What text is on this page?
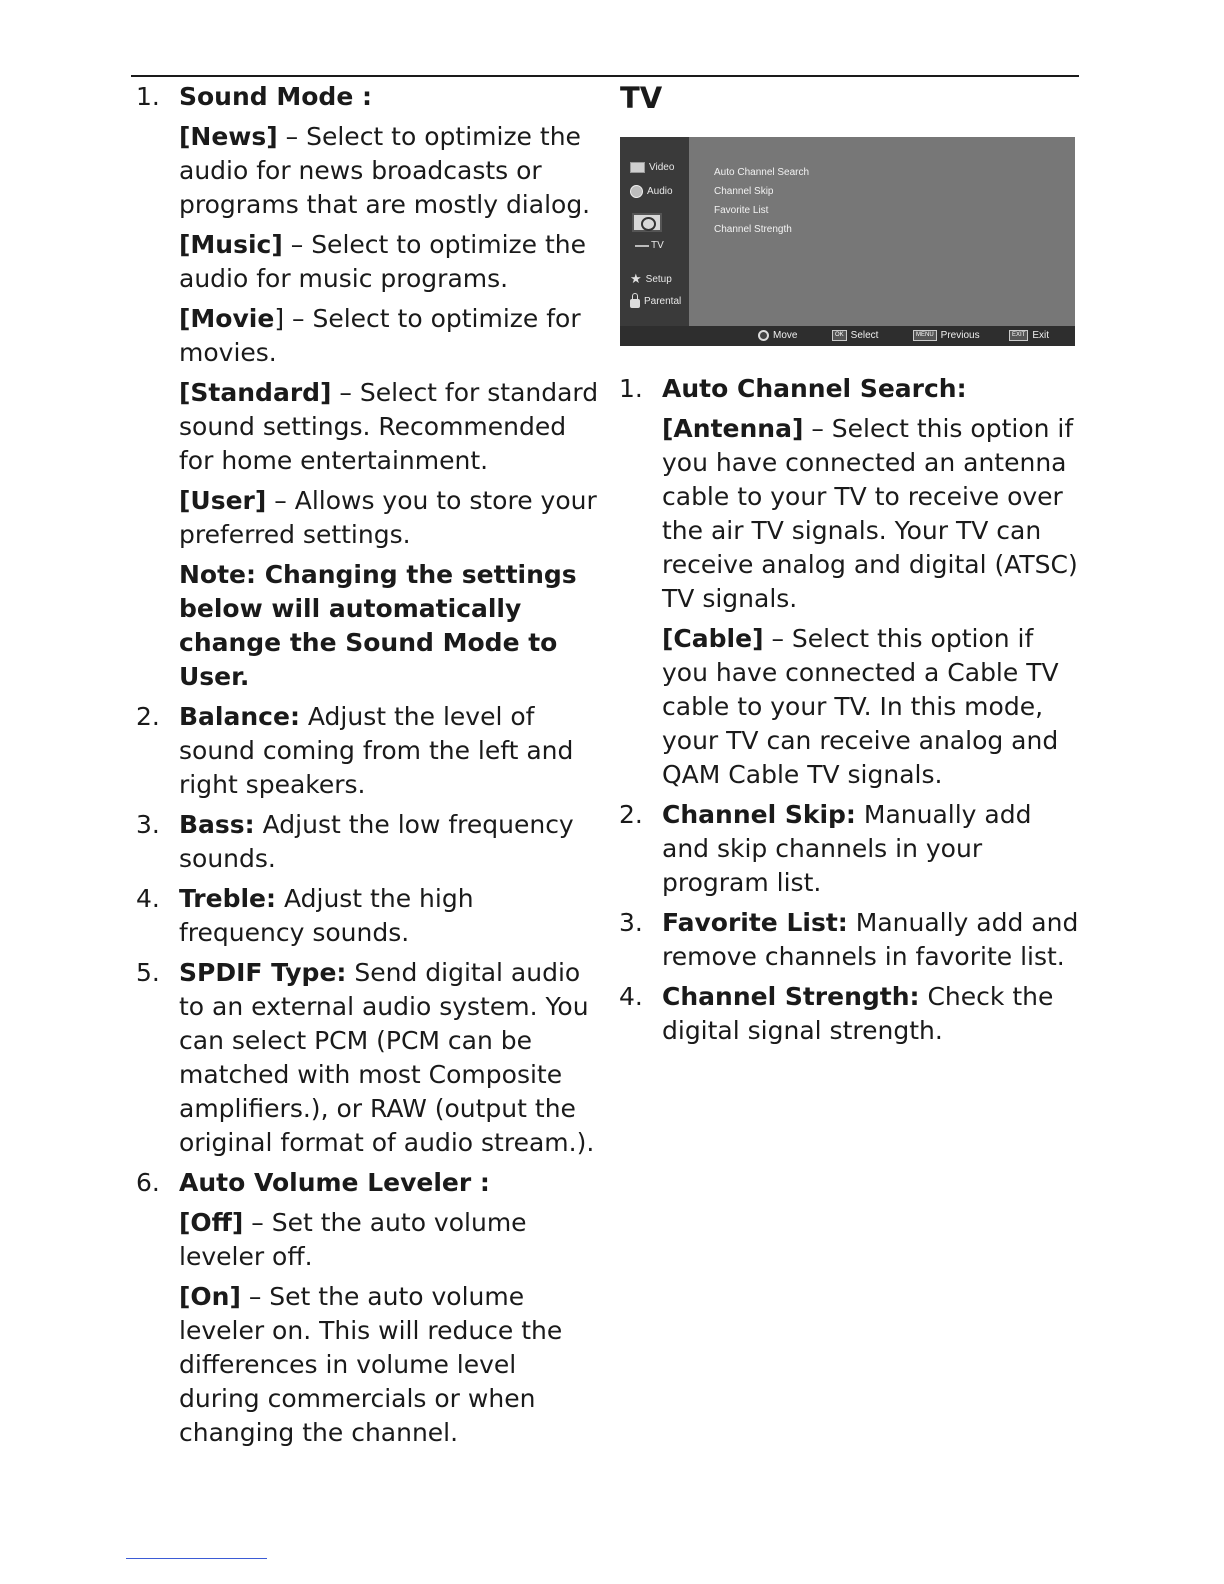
1. Sound Mode :

[News] – Select to optimize the audio for news broadcasts or programs that are mostly dialog.

[Music] – Select to optimize the audio for music programs.

[Movie] – Select to optimize for movies.

[Standard] – Select for standard sound settings. Recommended for home entertainment.

[User] – Allows you to store your preferred settings.

Note: Changing the settings below will automatically change the Sound Mode to User.

2. Balance: Adjust the level of sound coming from the left and right speakers.

3. Bass: Adjust the low frequency sounds.

4. Treble: Adjust the high frequency sounds.

5. SPDIF Type: Send digital audio to an external audio system. You can select PCM (PCM can be matched with most Composite amplifiers.), or RAW (output the original format of audio stream.).

6. Auto Volume Leveler :

[Off] – Set the auto volume leveler off.

[On] – Set the auto volume leveler on. This will reduce the differences in volume level during commercials or when changing the channel.

TV
Video
Audio
TV
★ Setup
Parental
Auto Channel Search
Channel Skip
Favorite List
Channel Strength
Move	OK Select	MENU Previous	EXIT Exit
1. Auto Channel Search:

[Antenna] – Select this option if you have connected an antenna cable to your TV to receive over the air TV signals. Your TV can receive analog and digital (ATSC) TV signals.

[Cable] – Select this option if you have connected a Cable TV cable to your TV. In this mode, your TV can receive analog and QAM Cable TV signals.

2. Channel Skip: Manually add and skip channels in your program list.

3. Favorite List: Manually add and remove channels in favorite list.

4. Channel Strength: Check the digital signal strength.
